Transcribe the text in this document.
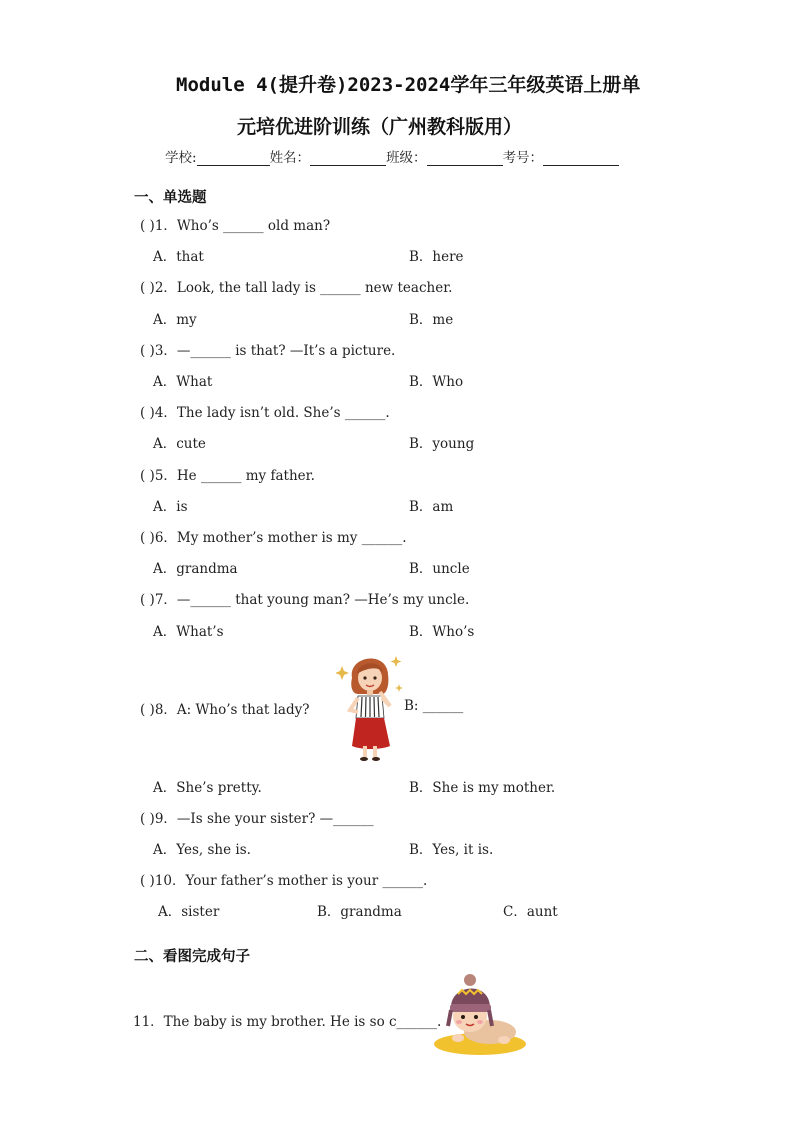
Module 4(提升卷)2023-2024学年三年级英语上册单
元培优进阶训练（广州教科版用）
学校:	姓名：	班级：	考号：
一、单选题
( )1．Who’s ______ old man?
A．that	B．here
( )2．Look, the tall lady is ______ new teacher.
A．my	B．me
( )3．—______ is that? —It’s a picture.
A．What	B．Who
( )4．The lady isn’t old. She’s ______.
A．cute	B．young
( )5．He ______ my father.
A．is	B．am
( )6．My mother’s mother is my ______.
A．grandma	B．uncle
( )7．—______ that young man? —He’s my uncle.
A．What’s	B．Who’s
( )8．A: Who’s that lady?	B: ______
A．She’s pretty.	B．She is my mother.
( )9．—Is she your sister? —______
A．Yes, she is.	B．Yes, it is.
( )10．Your father’s mother is your ______.
A．sister	B．grandma	C．aunt
二、看图完成句子
11．The baby is my brother. He is so c______.
